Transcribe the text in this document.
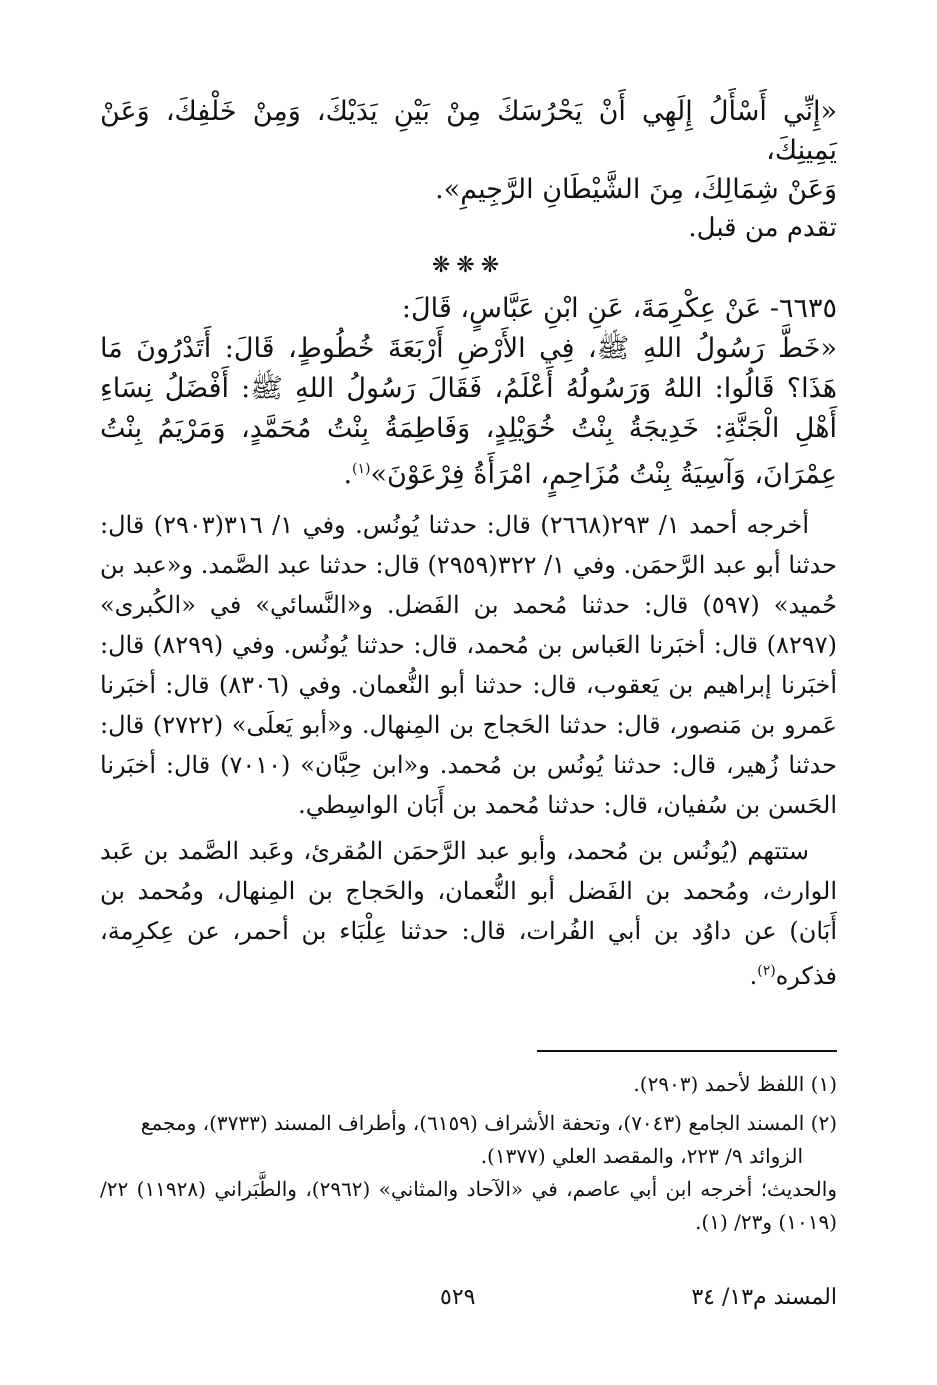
«إِنِّي أَسْأَلُ إِلَهِي أَنْ يَحْرُسَكَ مِنْ بَيْنِ يَدَيْكَ، وَمِنْ خَلْفِكَ، وَعَنْ يَمِينِكَ،

وَعَنْ شِمَالِكَ، مِنَ الشَّيْطَانِ الرَّجِيمِ».

تقدم من قبل.

❋❋❋

٦٦٣٥- عَنْ عِكْرِمَةَ، عَنِ ابْنِ عَبَّاسٍ، قَالَ:

«خَطَّ رَسُولُ اللهِ ﷺ، فِي الأَرْضِ أَرْبَعَةَ خُطُوطٍ، قَالَ: أَتَدْرُونَ مَا هَذَا؟ قَالُوا: اللهُ وَرَسُولُهُ أَعْلَمُ، فَقَالَ رَسُولُ اللهِ ﷺ: أَفْضَلُ نِسَاءِ أَهْلِ الْجَنَّةِ: خَدِيجَةُ بِنْتُ خُوَيْلِدٍ، وَفَاطِمَةُ بِنْتُ مُحَمَّدٍ، وَمَرْيَمُ بِنْتُ عِمْرَانَ، وَآسِيَةُ بِنْتُ مُزَاحِمٍ، امْرَأَةُ فِرْعَوْنَ»$^{(١)}$.

أخرجه أحمد ١/ ٢٩٣(٢٦٦٨) قال: حدثنا يُونُس. وفي ١/ ٣١٦(٢٩٠٣) قال: حدثنا أبو عبد الرَّحمَن. وفي ١/ ٣٢٢(٢٩٥٩) قال: حدثنا عبد الصَّمد. و«عبد بن حُميد» (٥٩٧) قال: حدثنا مُحمد بن الفَضل. و«النَّسائي» في «الكُبرى» (٨٢٩٧) قال: أخبَرنا العَباس بن مُحمد، قال: حدثنا يُونُس. وفي (٨٢٩٩) قال: أخبَرنا إبراهيم بن يَعقوب، قال: حدثنا أبو النُّعمان. وفي (٨٣٠٦) قال: أخبَرنا عَمرو بن مَنصور، قال: حدثنا الحَجاج بن المِنهال. و«أبو يَعلَى» (٢٧٢٢) قال: حدثنا زُهير، قال: حدثنا يُونُس بن مُحمد. و«ابن حِبَّان» (٧٠١٠) قال: أخبَرنا الحَسن بن سُفيان، قال: حدثنا مُحمد بن أَبَان الواسِطي.

ستتهم (يُونُس بن مُحمد، وأبو عبد الرَّحمَن المُقرئ، وعَبد الصَّمد بن عَبد الوارث، ومُحمد بن الفَضل أبو النُّعمان، والحَجاج بن المِنهال، ومُحمد بن أَبَان) عن داوُد بن أبي الفُرات، قال: حدثنا عِلْبَاء بن أحمر، عن عِكرِمة، فذكره$^{(٢)}$.

(١) اللفظ لأحمد (٢٩٠٣).

(٢) المسند الجامع (٧٠٤٣)، وتحفة الأشراف (٦١٥٩)، وأطراف المسند (٣٧٣٣)، ومجمع

الزوائد ٩/ ٢٢٣، والمقصد العلي (١٣٧٧).

والحديث؛ أخرجه ابن أبي عاصم، في «الآحاد والمثاني» (٢٩٦٢)، والطَّبَراني (١١٩٢٨) ٢٢/ (١٠١٩) و٢٣/ (١).

المسند م١٣/ ٣٤
٥٢٩
